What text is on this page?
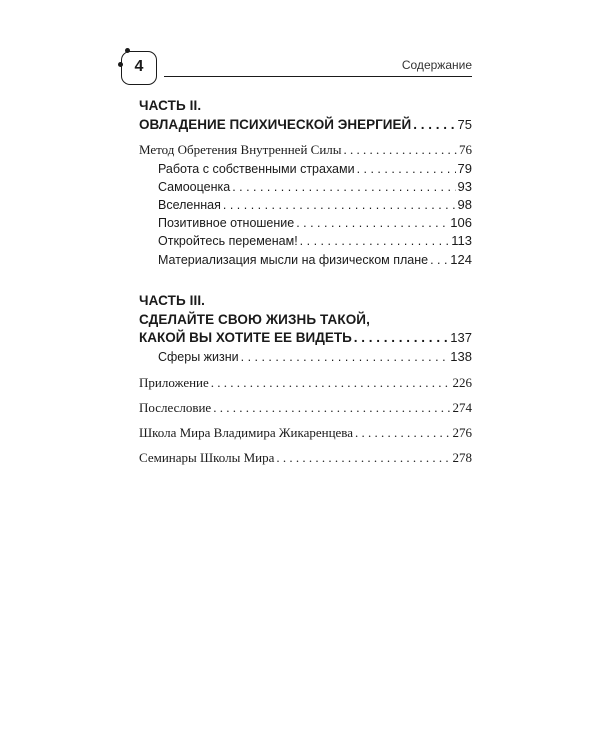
4	Содержание
ЧАСТЬ II.
ОВЛАДЕНИЕ ПСИХИЧЕСКОЙ ЭНЕРГИЕЙ . . .	75
Метод Обретения Внутренней Силы . . .	76
Работа с собственными страхами . . .	79
Самооценка . . .	93
Вселенная . . .	98
Позитивное отношение . . .	106
Откройтесь переменам! . . .	113
Материализация мысли на физическом плане . . . 124
ЧАСТЬ III.
СДЕЛАЙТЕ СВОЮ ЖИЗНЬ ТАКОЙ,
КАКОЙ ВЫ ХОТИТЕ ЕЕ ВИДЕТЬ . . .	137
Сферы жизни . . .	138
Приложение . . .	226
Послесловие . . .	274
Школа Мира Владимира Жикаренцева . . .	276
Семинары Школы Мира . . .	278
